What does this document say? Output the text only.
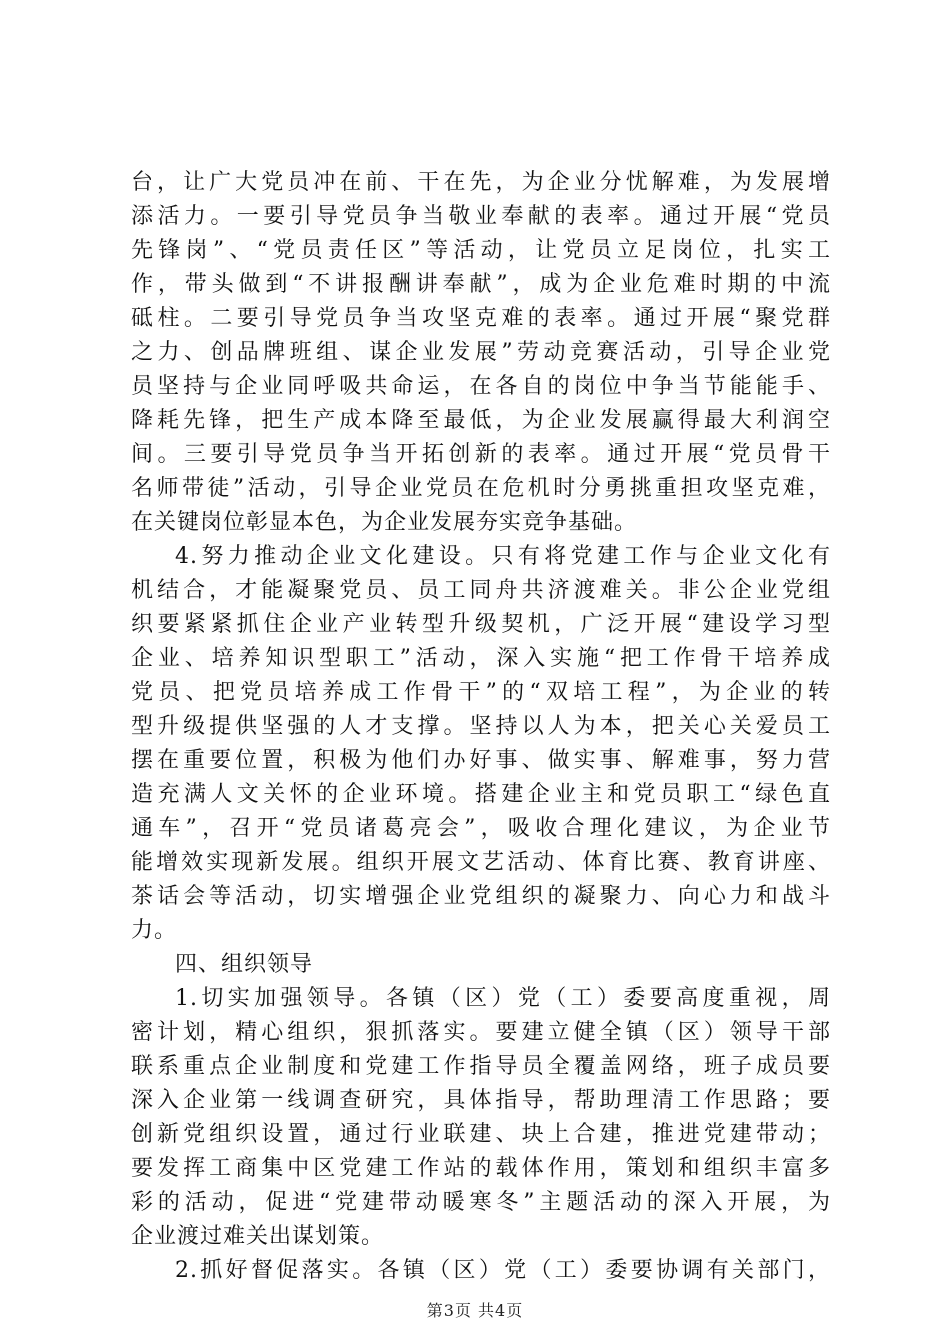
台，让广大党员冲在前、干在先，为企业分忧解难，为发展增
添活力。一要引导党员争当敬业奉献的表率。通过开展“党员
先锋岗”、“党员责任区”等活动，让党员立足岗位，扎实工
作，带头做到“不讲报酬讲奉献”，成为企业危难时期的中流
砥柱。二要引导党员争当攻坚克难的表率。通过开展“聚党群
之力、创品牌班组、谋企业发展”劳动竞赛活动，引导企业党
员坚持与企业同呼吸共命运，在各自的岗位中争当节能能手、
降耗先锋，把生产成本降至最低，为企业发展赢得最大利润空
间。三要引导党员争当开拓创新的表率。通过开展“党员骨干
名师带徒”活动，引导企业党员在危机时分勇挑重担攻坚克难，
在关键岗位彰显本色，为企业发展夯实竞争基础。
4.努力推动企业文化建设。只有将党建工作与企业文化有
机结合，才能凝聚党员、员工同舟共济渡难关。非公企业党组
织要紧紧抓住企业产业转型升级契机，广泛开展“建设学习型
企业、培养知识型职工”活动，深入实施“把工作骨干培养成
党员、把党员培养成工作骨干”的“双培工程”，为企业的转
型升级提供坚强的人才支撑。坚持以人为本，把关心关爱员工
摆在重要位置，积极为他们办好事、做实事、解难事，努力营
造充满人文关怀的企业环境。搭建企业主和党员职工“绿色直
通车”，召开“党员诸葛亮会”，吸收合理化建议，为企业节
能增效实现新发展。组织开展文艺活动、体育比赛、教育讲座、
茶话会等活动，切实增强企业党组织的凝聚力、向心力和战斗
力。
四、组织领导
1.切实加强领导。各镇（区）党（工）委要高度重视，周
密计划，精心组织，狠抓落实。要建立健全镇（区）领导干部
联系重点企业制度和党建工作指导员全覆盖网络，班子成员要
深入企业第一线调查研究，具体指导，帮助理清工作思路；要
创新党组织设置，通过行业联建、块上合建，推进党建带动；
要发挥工商集中区党建工作站的载体作用，策划和组织丰富多
彩的活动，促进“党建带动暖寒冬”主题活动的深入开展，为
企业渡过难关出谋划策。
2.抓好督促落实。各镇（区）党（工）委要协调有关部门，
第3页 共4页
